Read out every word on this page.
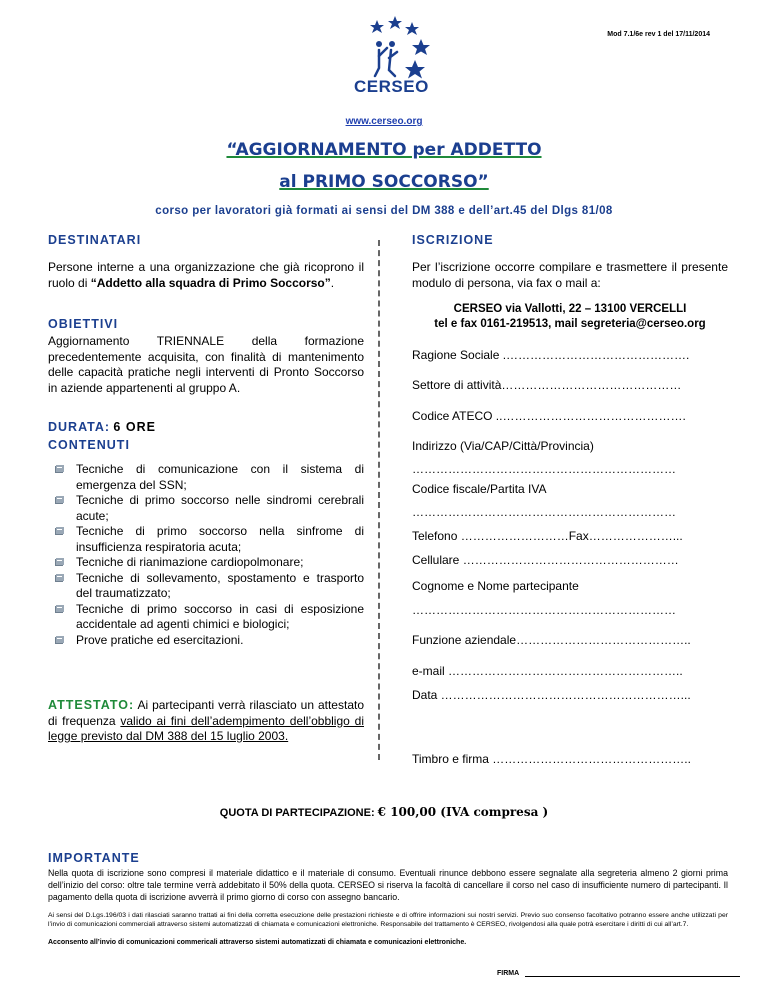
Mod 7.1/6e rev 1 del 17/11/2014
CERSEO
www.cerseo.org
“AGGIORNAMENTO per ADDETTO
al PRIMO SOCCORSO”
corso per lavoratori già formati ai sensi del DM 388 e dell’art.45 del Dlgs 81/08
DESTINATARI
Persone interne a una organizzazione che già ricoprono il ruolo di “Addetto alla squadra di Primo Soccorso”.
OBIETTIVI
Aggiornamento TRIENNALE della formazione precedentemente acquisita, con finalità di mantenimento delle capacità pratiche negli interventi di Pronto Soccorso in aziende appartenenti al gruppo A.
DURATA: 6 ORE
CONTENUTI
Tecniche di comunicazione con il sistema di emergenza del SSN;
Tecniche di primo soccorso nelle sindromi cerebrali acute;
Tecniche di primo soccorso nella sinfrome di insufficienza respiratoria acuta;
Tecniche di rianimazione cardiopolmonare;
Tecniche di sollevamento, spostamento e trasporto del traumatizzato;
Tecniche di primo soccorso in casi di esposizione accidentale ad agenti chimici e biologici;
Prove pratiche ed esercitazioni.
ATTESTATO: Ai partecipanti verrà rilasciato un attestato di frequenza valido ai fini dell’adempimento dell’obbligo di legge previsto dal DM 388 del 15 luglio 2003.
ISCRIZIONE
Per l’iscrizione occorre compilare e trasmettere il presente modulo di persona, via fax o mail a:
CERSEO via Vallotti, 22 – 13100 VERCELLI
tel e fax 0161-219513, mail segreteria@cerseo.org
Ragione Sociale .……………………………………….
Settore di attività………………………………………
Codice ATECO ..……………………………………….
Indirizzo (Via/CAP/Città/Provincia)
…………………………………………………………
Codice fiscale/Partita IVA
…………………………………………………………
Telefono ………………………Fax…………………...
Cellulare ………………………………………………
Cognome e Nome partecipante
…………………………………………………………
Funzione aziendale……………………………………..
e-mail …………………………………………………..
Data ……………………………………………………...
Timbro e firma …………………………………………..
QUOTA DI PARTECIPAZIONE: € 100,00 (IVA compresa )
IMPORTANTE
Nella quota di iscrizione sono compresi il materiale didattico e il materiale di consumo. Eventuali rinunce debbono essere segnalate alla segreteria almeno 2 giorni prima dell’inizio del corso: oltre tale termine verrà addebitato il 50% della quota. CERSEO si riserva la facoltà di cancellare il corso nel caso di insufficiente numero di partecipanti. Il pagamento della quota di iscrizione avverrà il primo giorno di corso con assegno bancario.
Ai sensi del D.Lgs.196/03 i dati rilasciati saranno trattati ai fini della corretta esecuzione delle prestazioni richieste e di offrire informazioni sui nostri servizi. Previo suo consenso facoltativo potranno essere anche utilizzati per l’invio di comunicazioni commerciali attraverso sistemi automatizzati di chiamata e comunicazioni elettroniche. Responsabile del trattamento è CERSEO, rivolgendosi alla quale potrà esercitare i diritti di cui all’art.7.
Acconsento all’invio di comunicazioni commericali attraverso sistemi automatizzati di chiamata e comunicazioni elettroniche.
FIRMA
